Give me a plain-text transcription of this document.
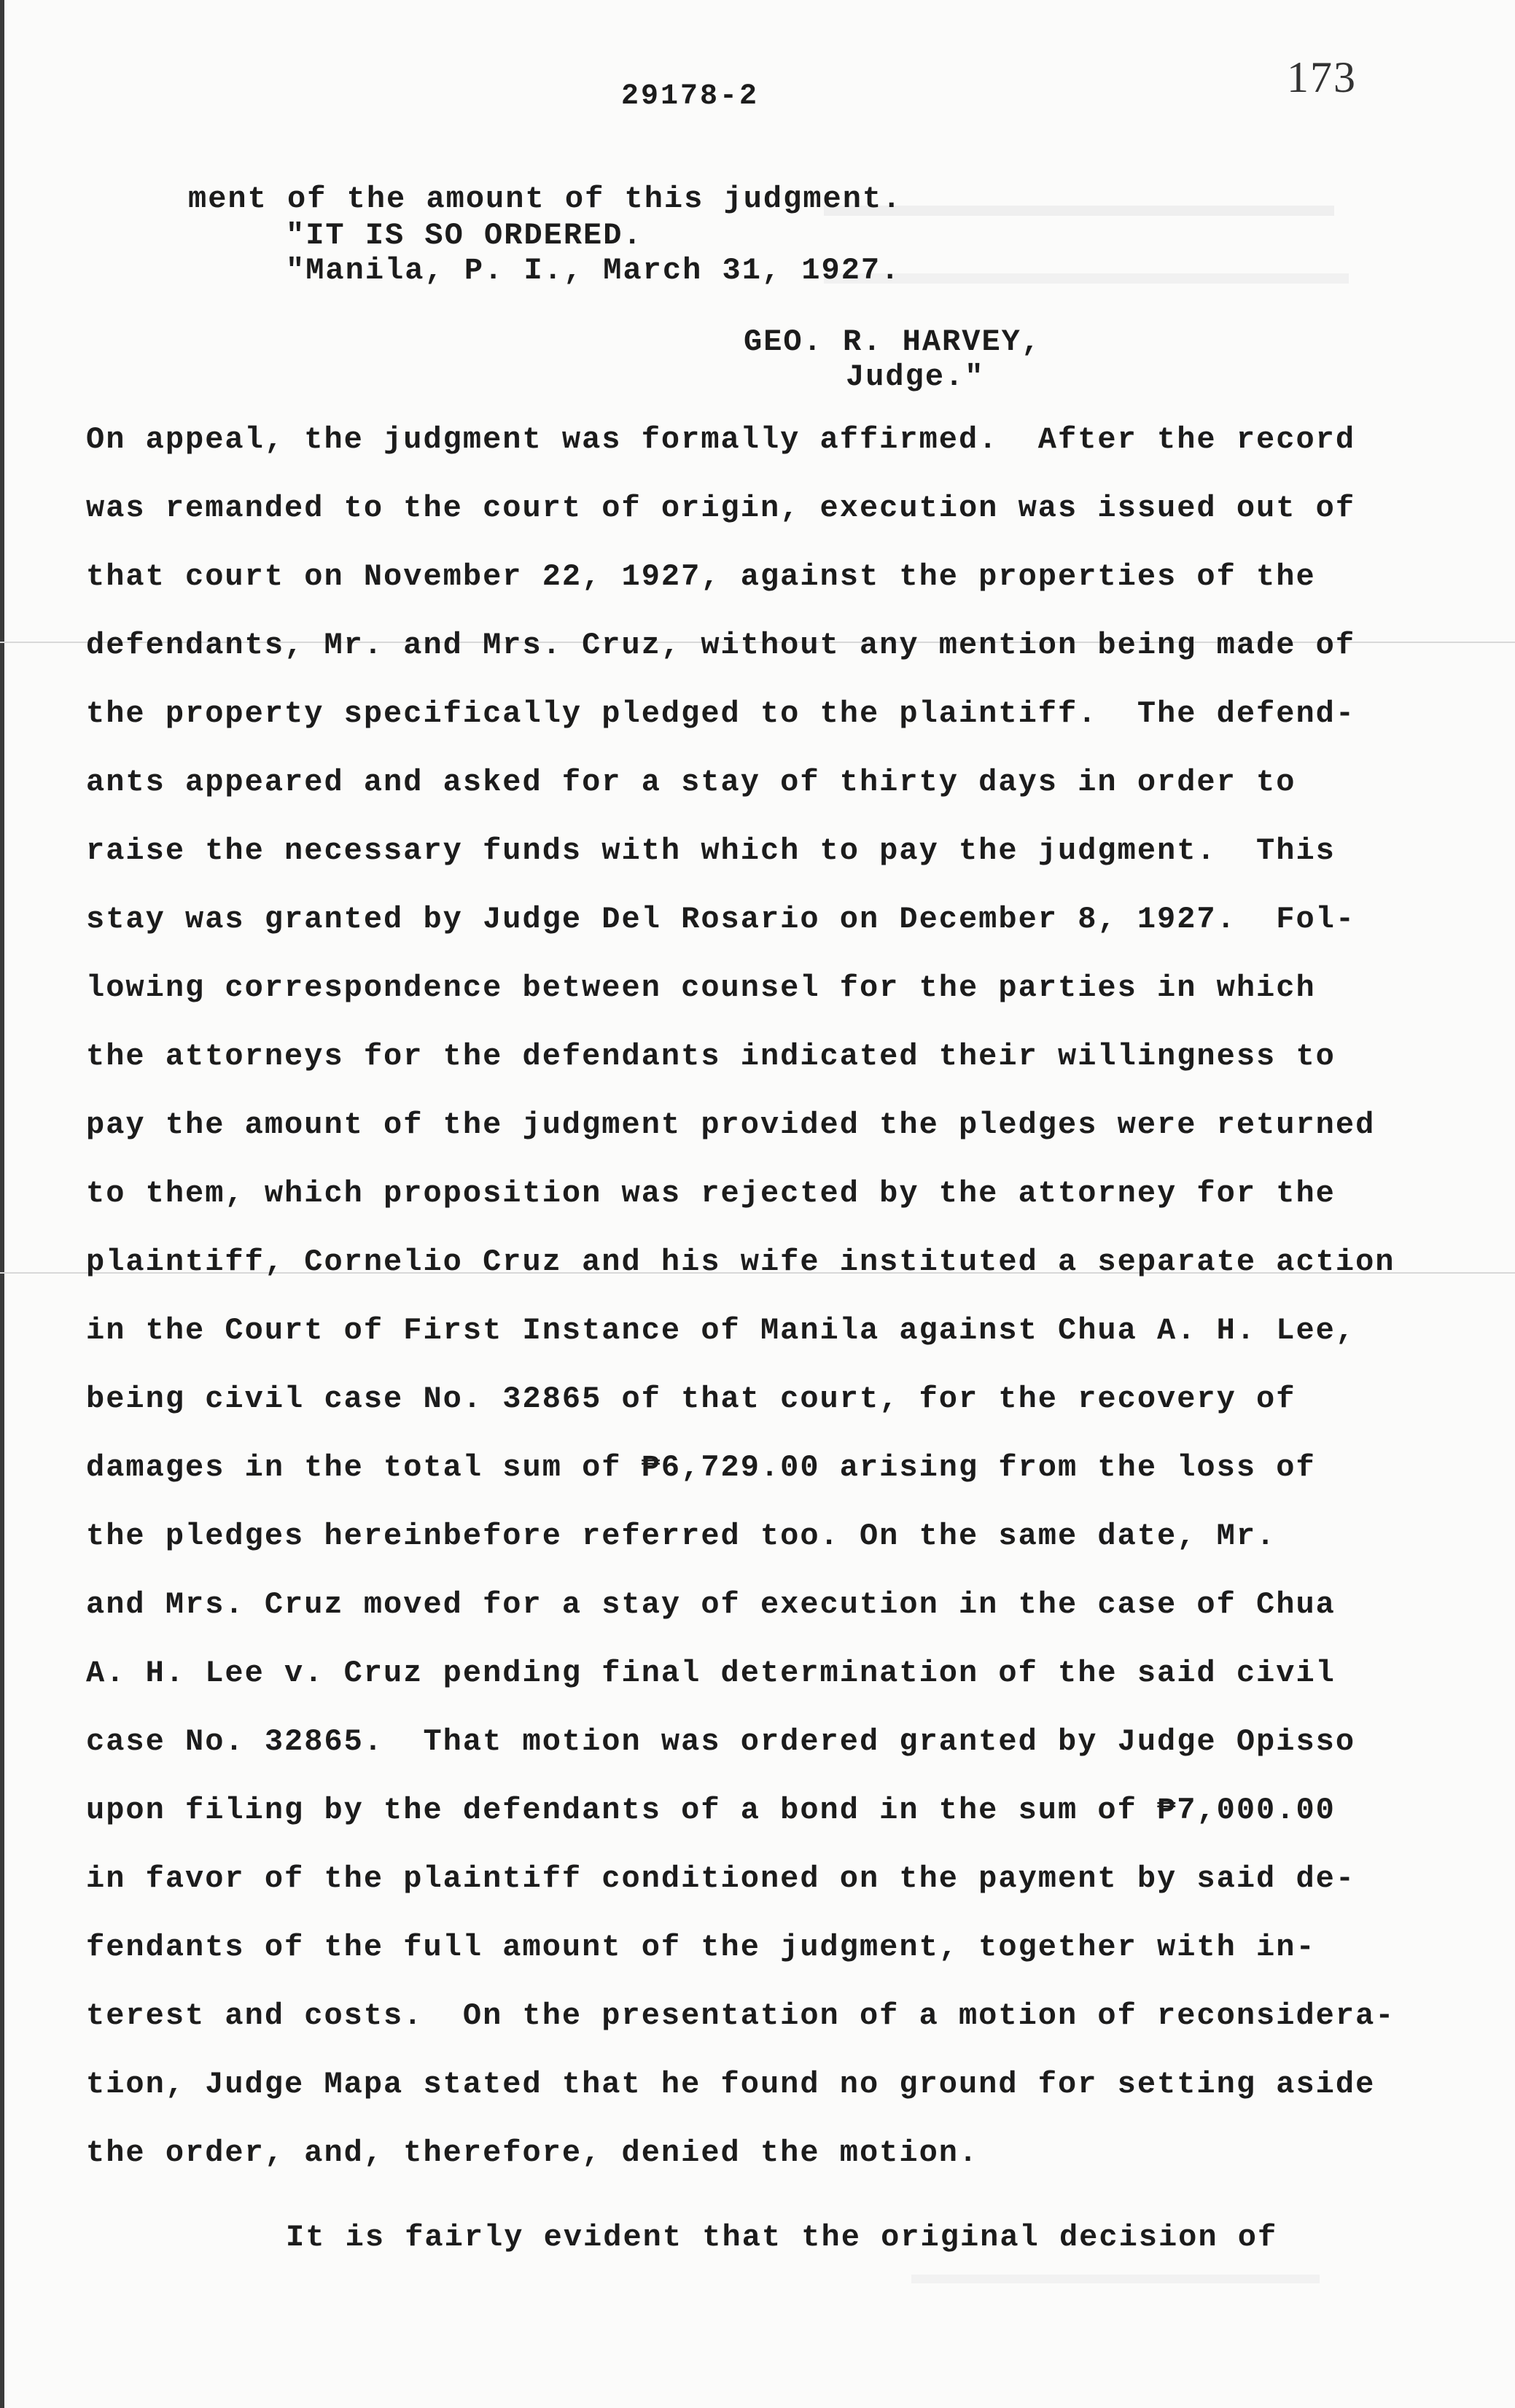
29178-2	173
ment of the amount of this judgment.
"IT IS SO ORDERED.
"Manila, P. I., March 31, 1927.
GEO. R. HARVEY,
Judge."
On appeal, the judgment was formally affirmed.  After the record
was remanded to the court of origin, execution was issued out of
that court on November 22, 1927, against the properties of the
defendants, Mr. and Mrs. Cruz, without any mention being made of
the property specifically pledged to the plaintiff.  The defend-
ants appeared and asked for a stay of thirty days in order to
raise the necessary funds with which to pay the judgment.  This
stay was granted by Judge Del Rosario on December 8, 1927.  Fol-
lowing correspondence between counsel for the parties in which
the attorneys for the defendants indicated their willingness to
pay the amount of the judgment provided the pledges were returned
to them, which proposition was rejected by the attorney for the
plaintiff, Cornelio Cruz and his wife instituted a separate action
in the Court of First Instance of Manila against Chua A. H. Lee,
being civil case No. 32865 of that court, for the recovery of
damages in the total sum of ₱6,729.00 arising from the loss of
the pledges hereinbefore referred too. On the same date, Mr.
and Mrs. Cruz moved for a stay of execution in the case of Chua
A. H. Lee v. Cruz pending final determination of the said civil
case No. 32865.  That motion was ordered granted by Judge Opisso
upon filing by the defendants of a bond in the sum of ₱7,000.00
in favor of the plaintiff conditioned on the payment by said de-
fendants of the full amount of the judgment, together with in-
terest and costs.  On the presentation of a motion of reconsidera-
tion, Judge Mapa stated that he found no ground for setting aside
the order, and, therefore, denied the motion.
It is fairly evident that the original decision of
